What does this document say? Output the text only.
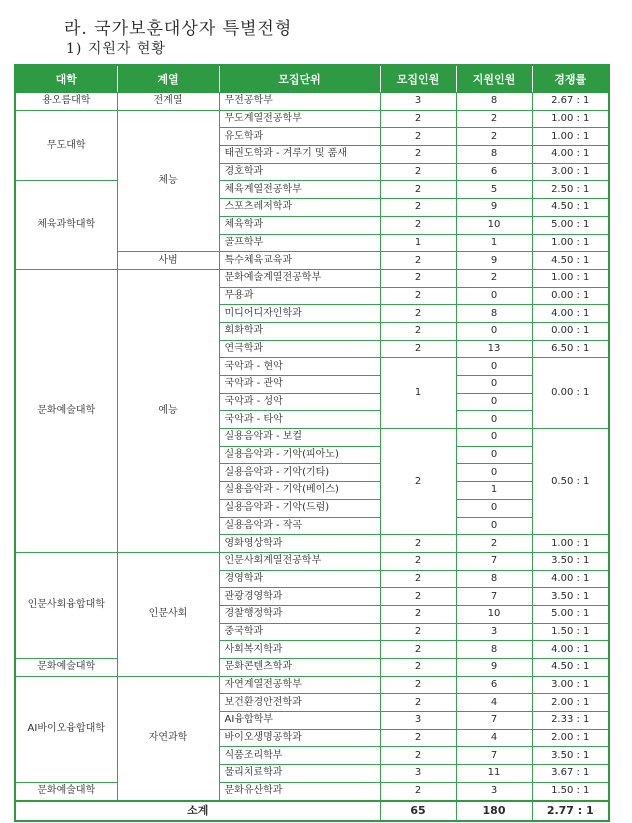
라. 국가보훈대상자 특별전형
1) 지원자 현황
대학	계열	모집단위	모집인원	지원인원	경쟁률
용오름대학	전계열	무전공학부	3	8	2.67 : 1
무도대학	체능	무도계열전공학부	2	2	1.00 : 1
		유도학과	2	2	1.00 : 1
		태권도학과 - 겨루기 및 품새	2	8	4.00 : 1
		경호학과	2	6	3.00 : 1
체육과학대학		체육계열전공학부	2	5	2.50 : 1
		스포츠레저학과	2	9	4.50 : 1
		체육학과	2	10	5.00 : 1
		골프학부	1	1	1.00 : 1
	사범	특수체육교육과	2	9	4.50 : 1
문화예술대학	예능	문화예술계열전공학부	2	2	1.00 : 1
		무용과	2	0	0.00 : 1
		미디어디자인학과	2	8	4.00 : 1
		회화학과	2	0	0.00 : 1
		연극학과	2	13	6.50 : 1
		국악과 - 현악	1	0	0.00 : 1
		국악과 - 관악		0	
		국악과 - 성악		0	
		국악과 - 타악		0	
		실용음악과 - 보컬	2	0	0.50 : 1
		실용음악과 - 기악(피아노)		0	
		실용음악과 - 기악(기타)		0	
		실용음악과 - 기악(베이스)		1	
		실용음악과 - 기악(드럼)		0	
		실용음악과 - 작곡		0	
		영화영상학과	2	2	1.00 : 1
인문사회융합대학	인문사회	인문사회계열전공학부	2	7	3.50 : 1
		경영학과	2	8	4.00 : 1
		관광경영학과	2	7	3.50 : 1
		경찰행정학과	2	10	5.00 : 1
		중국학과	2	3	1.50 : 1
		사회복지학과	2	8	4.00 : 1
문화예술대학		문화콘텐츠학과	2	9	4.50 : 1
AI바이오융합대학	자연과학	자연계열전공학부	2	6	3.00 : 1
		보건환경안전학과	2	4	2.00 : 1
		AI융합학부	3	7	2.33 : 1
		바이오생명공학과	2	4	2.00 : 1
		식품조리학부	2	7	3.50 : 1
		물리치료학과	3	11	3.67 : 1
문화예술대학		문화유산학과	2	3	1.50 : 1
소계			65	180	2.77 : 1
